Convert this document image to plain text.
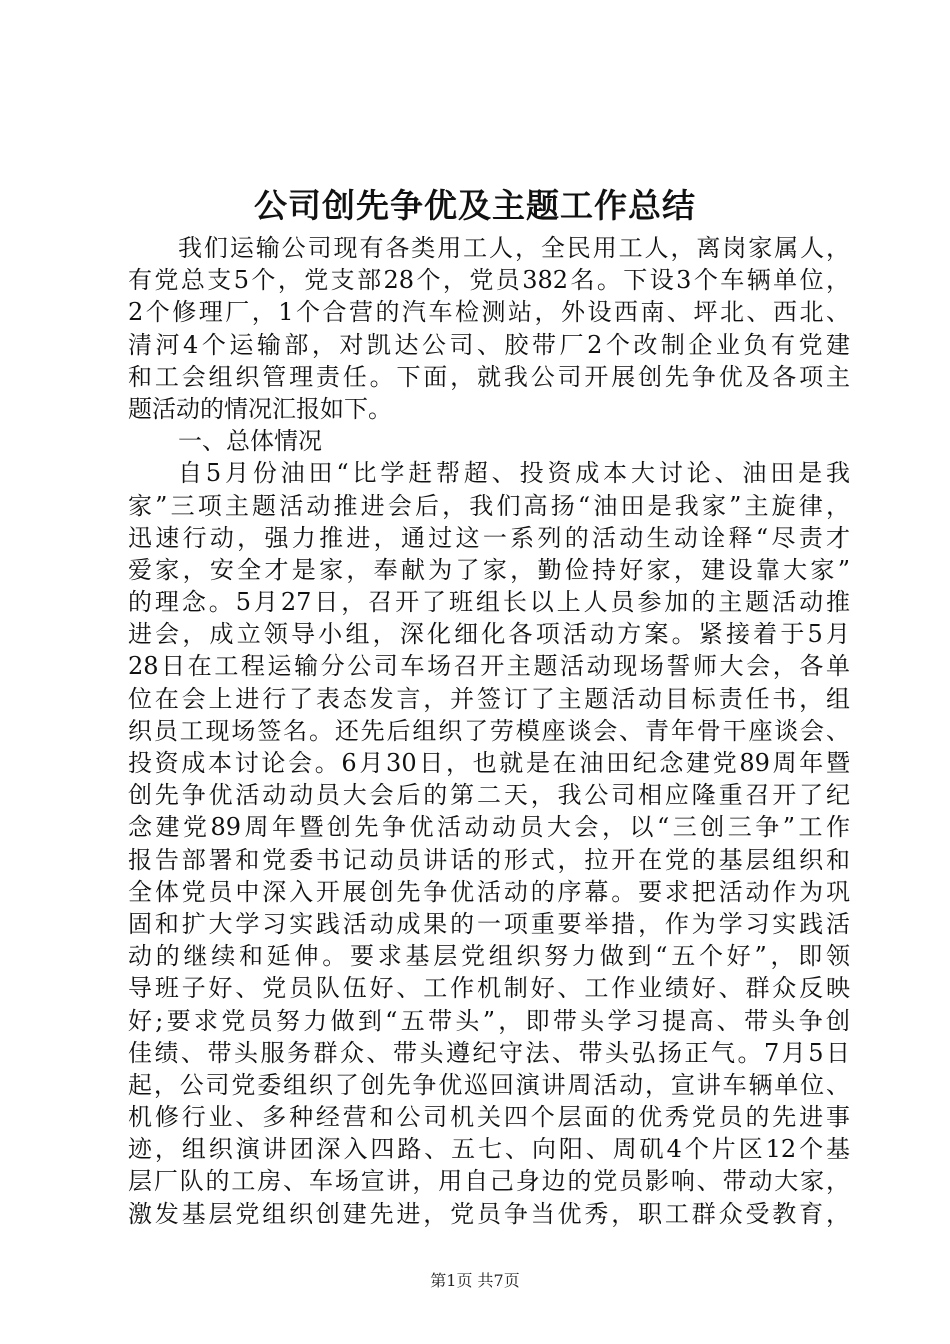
公司创先争优及主题工作总结
我们运输公司现有各类用工人，全民用工人，离岗家属人，
有党总支5个，党支部28个，党员382名。下设3个车辆单位，
2个修理厂，1个合营的汽车检测站，外设西南、坪北、西北、
清河4个运输部，对凯达公司、胶带厂2个改制企业负有党建
和工会组织管理责任。下面，就我公司开展创先争优及各项主
题活动的情况汇报如下。
一、总体情况
自5月份油田“比学赶帮超、投资成本大讨论、油田是我
家”三项主题活动推进会后，我们高扬“油田是我家”主旋律，
迅速行动，强力推进，通过这一系列的活动生动诠释“尽责才
爱家，安全才是家，奉献为了家，勤俭持好家，建设靠大家”
的理念。5月27日，召开了班组长以上人员参加的主题活动推
进会，成立领导小组，深化细化各项活动方案。紧接着于5月
28日在工程运输分公司车场召开主题活动现场誓师大会，各单
位在会上进行了表态发言，并签订了主题活动目标责任书，组
织员工现场签名。还先后组织了劳模座谈会、青年骨干座谈会、
投资成本讨论会。6月30日，也就是在油田纪念建党89周年暨
创先争优活动动员大会后的第二天，我公司相应隆重召开了纪
念建党89周年暨创先争优活动动员大会，以“三创三争”工作
报告部署和党委书记动员讲话的形式，拉开在党的基层组织和
全体党员中深入开展创先争优活动的序幕。要求把活动作为巩
固和扩大学习实践活动成果的一项重要举措，作为学习实践活
动的继续和延伸。要求基层党组织努力做到“五个好”，即领
导班子好、党员队伍好、工作机制好、工作业绩好、群众反映
好;要求党员努力做到“五带头”，即带头学习提高、带头争创
佳绩、带头服务群众、带头遵纪守法、带头弘扬正气。7月5日
起，公司党委组织了创先争优巡回演讲周活动，宣讲车辆单位、
机修行业、多种经营和公司机关四个层面的优秀党员的先进事
迹，组织演讲团深入四路、五七、向阳、周矶4个片区12个基
层厂队的工房、车场宣讲，用自己身边的党员影响、带动大家，
激发基层党组织创建先进，党员争当优秀，职工群众受教育，
第1页 共7页
